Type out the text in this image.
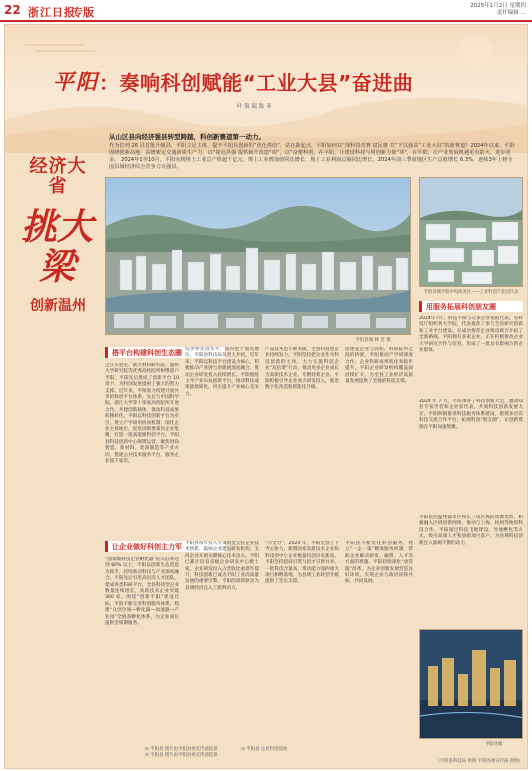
22 浙江日报
专版	2025年1月2日 星期四
责任编辑 …
平阳 ：奏响科创赋能“工业大县”奋进曲
叶 海 瑞 陈 菲
从山区县向经济强县转型跨越，科创新赛道第一动力。
作为位列 26 县首批升级县，平阳立足主体，提升平阳县创新的“优化供给”。站在新起点，平阳如何以“现科技竞赛 富民惠 共”下以强县“工业大县”的新赛道？2024年以来，平阳围绕创新高地、高增新定交通新质生产力，以“提追县强 提供载升改造“项”，以“奋建科创，在平阳，让建设科技与用创新力量“项”，在平阳，让产业发展机遇更有影大、进步更多。 2024年1至10月，平阳实现规上工业总产值超千亿元，规上工业增加值同比增长、规上工业利润总额同比增长，2024年前三季度地区生产总值增长 6.3%，连续3年上榜全国县域经济综合竞争力百强县。
经济大省
挑大梁
创新温州
平阳县城 林 善 摄
平阳县城平阳中央商务区——工业科创产业园代表
用服务拓展科创朋友圈
2024年7月，科技平阳与众多企业家的代表，省科技厅组织各大学院，代表推荐了参与全县研究创新和工业平台建设。在成功推荐企业推动联合开拓了全新路线。平阳拥有多家企业，正在积极推动企业大学研究合作与培育，形成了一批具有影响力的企业群体。
2024 年 7 月，平阳承办了科技创新大会，邀请知名专家学者和企业家代表，共商科技创新发展大计。平阳积极推进科技服务体系建设，搭建多层次科技交流合作平台，拓展科创“朋友圈”，让创新资源在平阳加速集聚。
平阳依托温州都市区和长三角区域的资源优势，积极融入区域创新网络，推动与上海、杭州等地的科技合作。平阳通过科技飞地建设、异地孵化等方式，吸引高端人才和创新项目落户，为县域科技创新注入源源不断的动力。
平阳县城
搭平台构建科创生态圈
让企业做好科创主力军
之江实验室、浙大材料研究院、温州大学研究院等优秀高校院所相继落户平阳，平阳先后建成了创新平台 10 余个，为科创发展提供了强大的智力支撑。近年来，平阳着力构建开放共享的科创平台体系，先后与中国科学院、浙江大学等十余家高校院所开展合作，共建创新载体，推动科技成果转移转化。平阳以科技创新平台为牵引，建立产学研用协同机制，深化企业主体地位，促进创新要素向企业集聚，打造一批高能级科创平台。平阳县科技创新中心揭牌运营，聚焦时尚智造、新材料、装备制造等产业方向，搭建公共技术服务平台，服务企业超千家次。
“国家级科技企业孵化器”的入驻率达到 80% 以上，平阳以创新生态营造为抓手，持续推动科技与产业深度融合。平阳先后引进高层次人才团队，建成各类科研平台，全县科技型企业数量连续增长，高新技术企业突破 300 家。围绕“创新平阳”建设目标，平阳不断完善科创服务体系，构建“众创空间—孵化器—加速器—产业园”全链条孵化体系，为企业成长提供全周期服务。
均世界先进水平，国内处于领先地位，平阳县科技局负责人介绍，近年来，平阳以科技平台建设为核心，积极推动产业链与创新链深度融合，推动企业研发投入持续增长。平阳围绕主导产业布局创新平台，推动科技成果就地转化，切实提升产业核心竞争力。
平阳县每年投入专项资金支持企业技术创新，鼓励企业建设研发机构，支持企业开展关键核心技术攻关。平阳已累计培育省级企业研发中心数十家，企业研发投入占营收比重逐年提升，科技创新已成为平阳工业高质量发展的重要引擎。平阳的创新驱动为县域经济注入了澎湃动力。
产品技术也不断突破，全县科技型企业持续发力。平阳坚持把企业作为科技创新的主体，大力实施科技企业“双倍增”行动，推动更多企业成长为高新技术企业、专精特新企业。平阳积极引导企业加大研发投入，推进数字化改造和智能化升级。
“尽全力”，2024 年，平阳全县上下齐心协力，新增国家高新技术企业和科技型中小企业数量均创历史新高。平阳坚持招商引资与招才引智并举，一批科技含量高、带动能力强的重大项目相继落地，为县域工业转型升级提供了坚实支撑。
搭建起企业与高校、科研院所之间的桥梁，平阳推动产学研深度合作，企业科研成果转化率稳步提升。平阳企业研发机构覆盖面持续扩大，为全县工业经济高质量发展提供了坚强的科技支撑。
平阳县不断优化科创服务，建立“一企一策”精准服务机制，帮助企业解决研发、融资、人才等方面的难题。平阳持续深化“放管服”改革，为企业创新发展营造良好环境，实现企业与政府同频共振、共同发展。
① 平阳县 图片由平阳县委宣传部提供
② 平阳县 图片由平阳县委宣传部提供
③ 平阳县 企业科创基地
（平阳县科技局 供图 平阳县委宣传部 供图）
